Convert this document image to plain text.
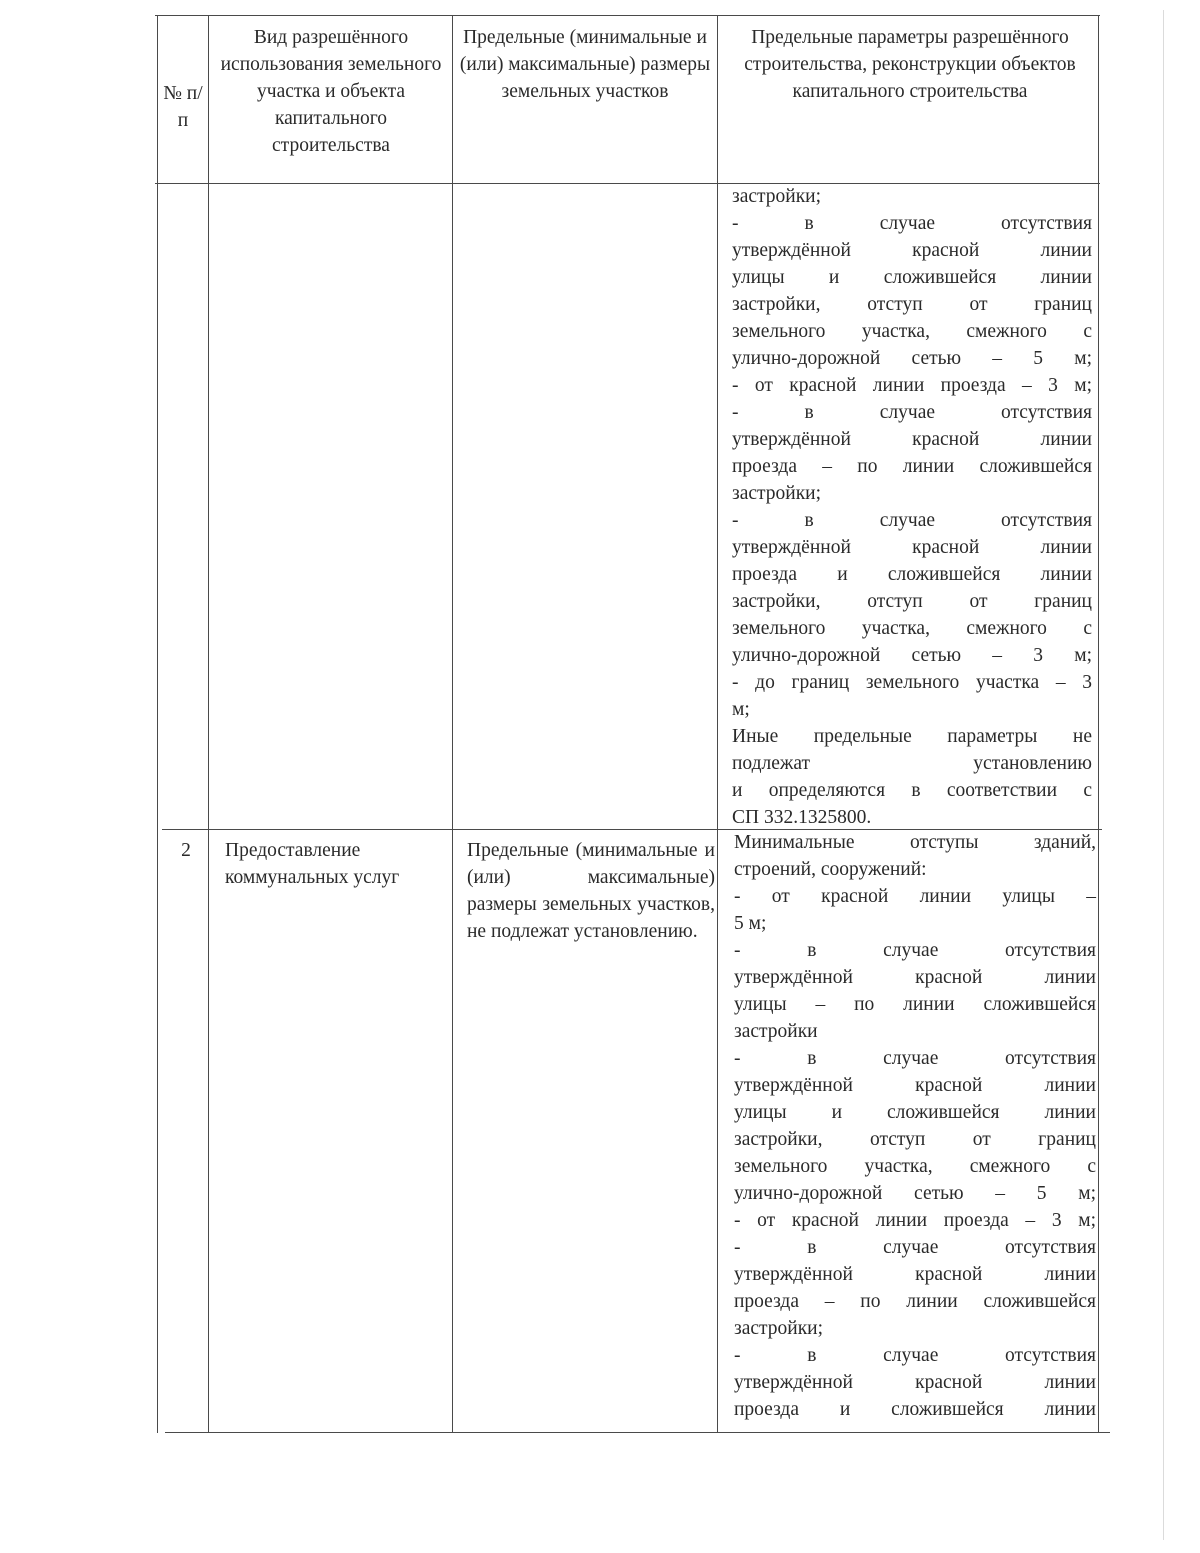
№ п/п
Вид разрешённого использования земельного участка и объекта капитального строительства
Предельные (минимальные и (или) максимальные) размеры земельных участков
Предельные параметры разрешённого строительства, реконструкции объектов капитального строительства
застройки;
- в случае отсутствия
утверждённой красной линии
улицы и сложившейся линии
застройки, отступ от границ
земельного участка, смежного с
улично-дорожной сетью – 5 м;
- от красной линии проезда – 3 м;
- в случае отсутствия
утверждённой красной линии
проезда – по линии сложившейся
застройки;
- в случае отсутствия
утверждённой красной линии
проезда и сложившейся линии
застройки, отступ от границ
земельного участка, смежного с
улично-дорожной сетью – 3 м;
- до границ земельного участка – 3
м;
Иные предельные параметры не
подлежат установлению
и определяются в соответствии с
СП 332.1325800.
2	Предоставление коммунальных услуг
Предельные (минимальные и (или) максимальные) размеры земельных участков, не подлежат установлению.
Минимальные отступы зданий,
строений, сооружений:
- от красной линии улицы –
5 м;
- в случае отсутствия
утверждённой красной линии
улицы – по линии сложившейся
застройки
- в случае отсутствия
утверждённой красной линии
улицы и сложившейся линии
застройки, отступ от границ
земельного участка, смежного с
улично-дорожной сетью – 5 м;
- от красной линии проезда – 3 м;
- в случае отсутствия
утверждённой красной линии
проезда – по линии сложившейся
застройки;
- в случае отсутствия
утверждённой красной линии
проезда и сложившейся линии
